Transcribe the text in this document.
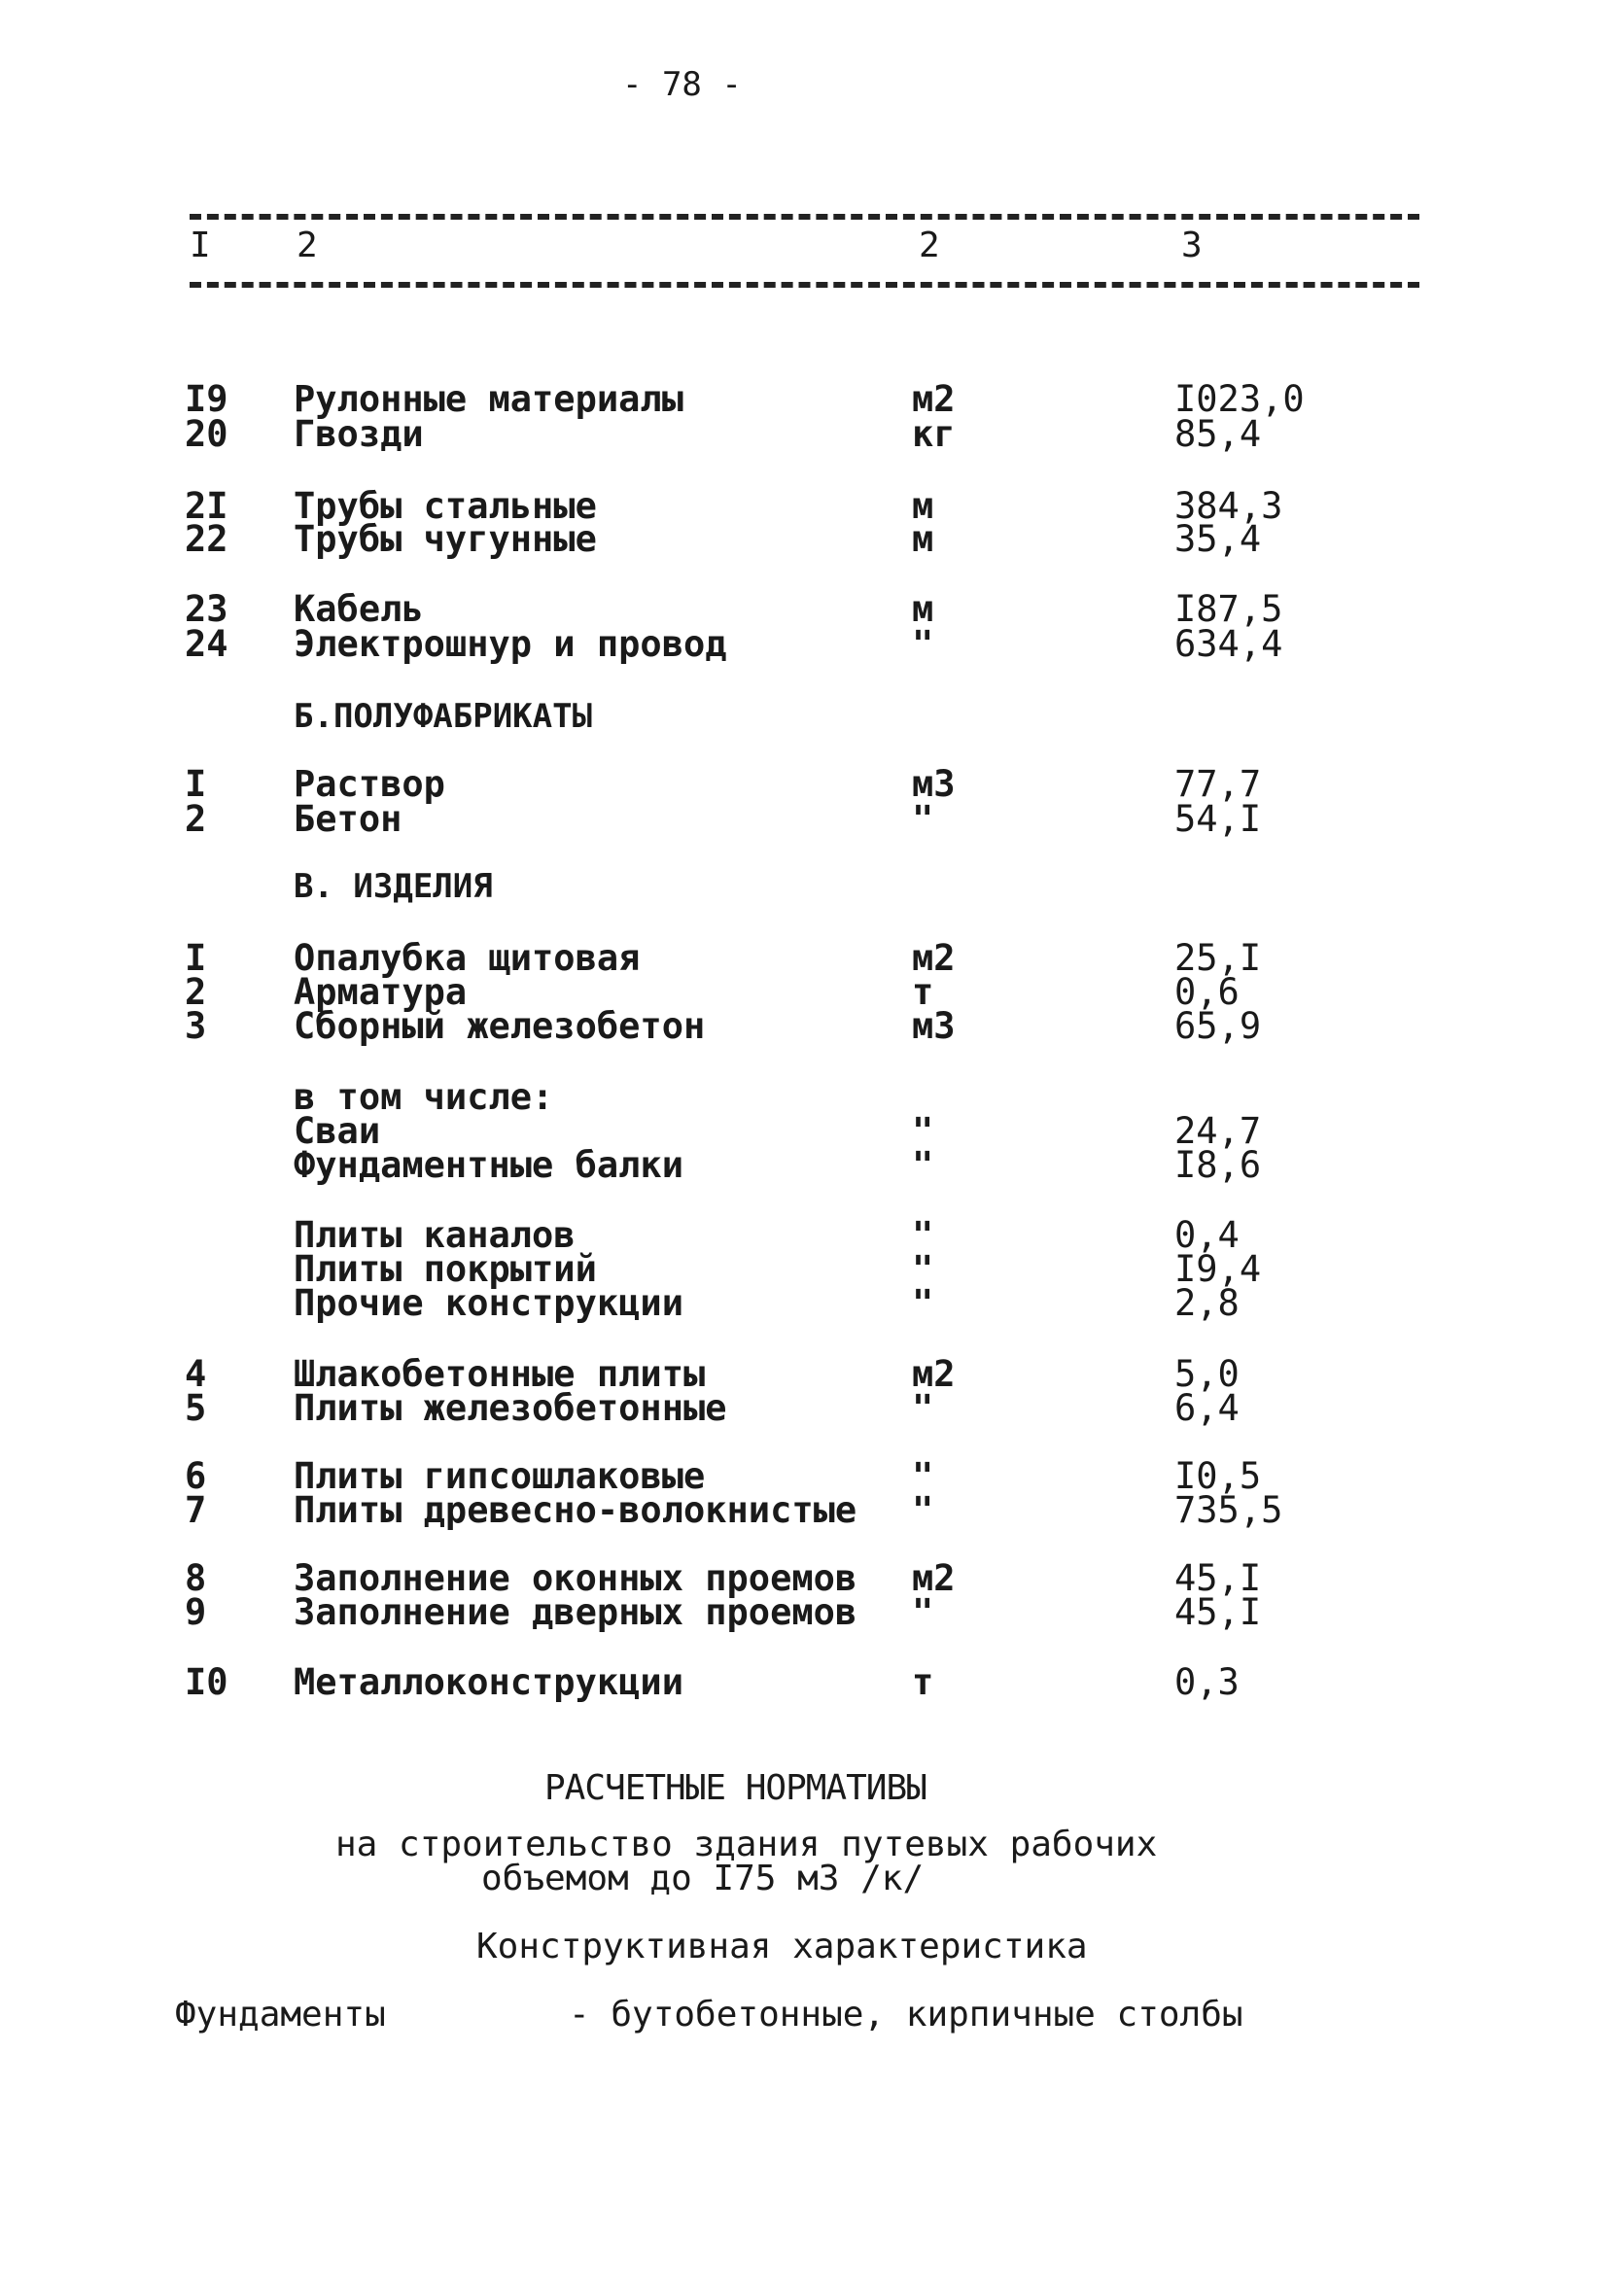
- 78 -
I 2	2	3
I9 Рулонные материалы	м2	I023,0
20 Гвозди	кг	85,4
2I Трубы стальные	м	384,3
22 Трубы чугунные	м	35,4
23 Кабель	м	I87,5
24 Электрошнур и провод	"	634,4
Б.ПОЛУФАБРИКАТЫ
I Раствор	м3	77,7
2 Бетон	"	54,I
В. ИЗДЕЛИЯ
I Опалубка щитовая	м2	25,I
2 Арматура	т	0,6
3 Сборный железобетон	м3	65,9
в том числе:
Сваи	"	24,7
Фундаментные балки	"	I8,6
Плиты каналов	"	0,4
Плиты покрытий	"	I9,4
Прочие конструкции	"	2,8
4 Шлакобетонные плиты	м2	5,0
5 Плиты железобетонные	"	6,4
6 Плиты гипсошлаковые	"	I0,5
7 Плиты древесно-волокнистые "	735,5
8 Заполнение оконных проемов м2	45,I
9 Заполнение дверных проемов "	45,I
I0 Металлоконструкции	т	0,3
РАСЧЕТНЫЕ НОРМАТИВЫ
на строительство здания путевых рабочих
объемом до I75 м3 /к/
Конструктивная характеристика
Фундаменты	- бутобетонные, кирпичные столбы
